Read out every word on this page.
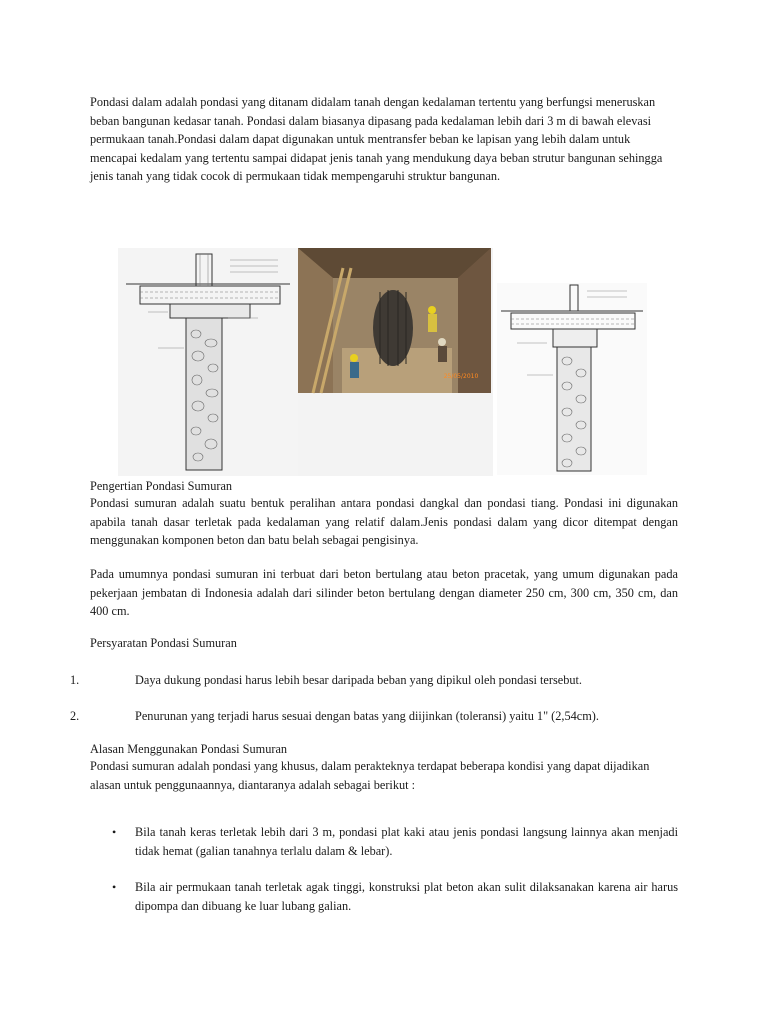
Pondasi dalam adalah pondasi yang ditanam didalam tanah dengan kedalaman tertentu yang berfungsi meneruskan beban bangunan kedasar tanah. Pondasi dalam biasanya dipasang pada kedalaman lebih dari 3 m di bawah elevasi permukaan tanah.Pondasi dalam dapat digunakan untuk mentransfer beban ke lapisan yang lebih dalam untuk mencapai kedalam yang tertentu sampai didapat jenis tanah yang mendukung daya beban strutur bangunan sehingga jenis tanah yang tidak cocok di permukaan tidak mempengaruhi struktur bangunan.

25/05/2010

Pengertian Pondasi Sumuran

Pondasi sumuran adalah suatu bentuk peralihan antara pondasi dangkal dan pondasi tiang. Pondasi ini digunakan apabila tanah dasar terletak pada kedalaman yang relatif dalam.Jenis pondasi dalam yang dicor ditempat dengan menggunakan komponen beton dan batu belah sebagai pengisinya.

Pada umumnya pondasi sumuran ini terbuat dari beton bertulang atau beton pracetak, yang umum digunakan pada pekerjaan jembatan di Indonesia adalah dari silinder beton bertulang dengan diameter 250 cm, 300 cm, 350 cm, dan 400 cm.

Persyaratan Pondasi Sumuran

1.	Daya dukung pondasi harus lebih besar daripada beban yang dipikul oleh pondasi tersebut.
2.	Penurunan yang terjadi harus sesuai dengan batas yang diijinkan (toleransi) yaitu 1" (2,54cm).

Alasan Menggunakan Pondasi Sumuran

Pondasi sumuran adalah pondasi yang khusus, dalam perakteknya terdapat beberapa kondisi yang dapat dijadikan alasan untuk penggunaannya, diantaranya adalah sebagai berikut :

• Bila tanah keras terletak lebih dari 3 m, pondasi plat kaki atau jenis pondasi langsung lainnya akan menjadi tidak hemat (galian tanahnya terlalu dalam & lebar).

• Bila air permukaan tanah terletak agak tinggi, konstruksi plat beton akan sulit dilaksanakan karena air harus dipompa dan dibuang ke luar lubang galian.
